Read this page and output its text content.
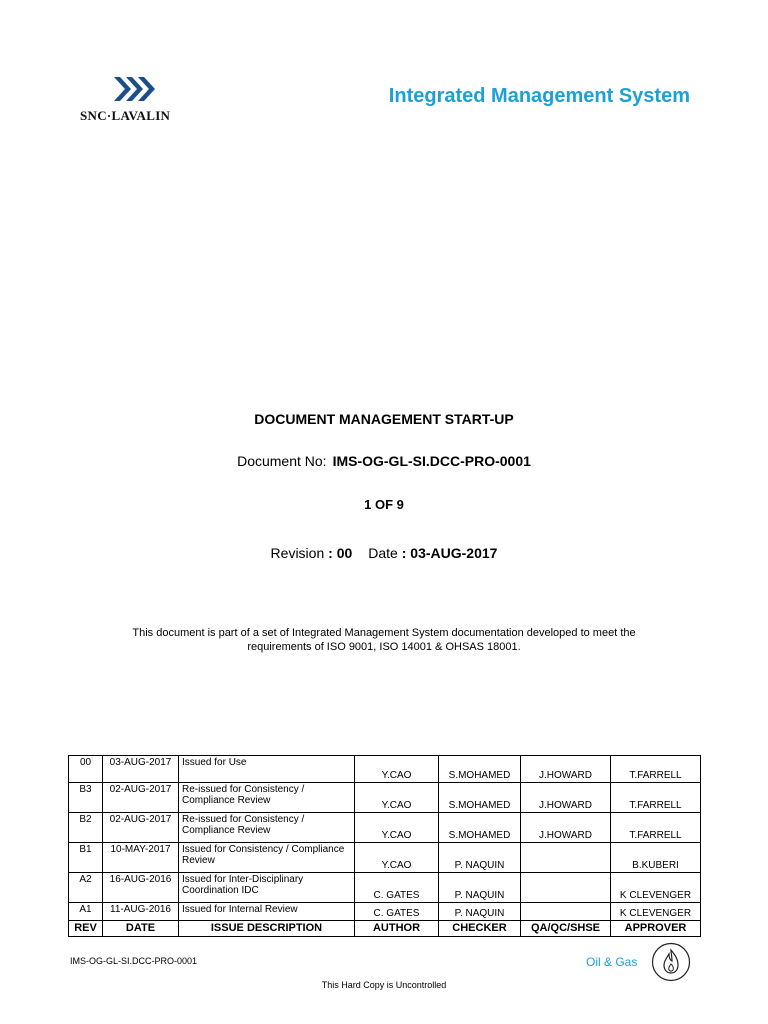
SNC·LAVALIN
Integrated Management System
DOCUMENT MANAGEMENT START-UP
Document No: IMS-OG-GL-SI.DCC-PRO-0001
1 OF 9
Revision : 00 Date : 03-AUG-2017
This document is part of a set of Integrated Management System documentation developed to meet the requirements of ISO 9001, ISO 14001 & OHSAS 18001.
00	03-AUG-2017	Issued for Use	Y.CAO	S.MOHAMED	J.HOWARD	T.FARRELL
B3	02-AUG-2017	Re-issued for Consistency / Compliance Review	Y.CAO	S.MOHAMED	J.HOWARD	T.FARRELL
B2	02-AUG-2017	Re-issued for Consistency / Compliance Review	Y.CAO	S.MOHAMED	J.HOWARD	T.FARRELL
B1	10-MAY-2017	Issued for Consistency / Compliance Review	Y.CAO	P. NAQUIN		B.KUBERI
A2	16-AUG-2016	Issued for Inter-Disciplinary Coordination IDC	C. GATES	P. NAQUIN		K CLEVENGER
A1	11-AUG-2016	Issued for Internal Review	C. GATES	P. NAQUIN		K CLEVENGER
REV	DATE	ISSUE DESCRIPTION	AUTHOR	CHECKER	QA/QC/SHSE	APPROVER
IMS-OG-GL-SI.DCC-PRO-0001	Oil & Gas
This Hard Copy is Uncontrolled
